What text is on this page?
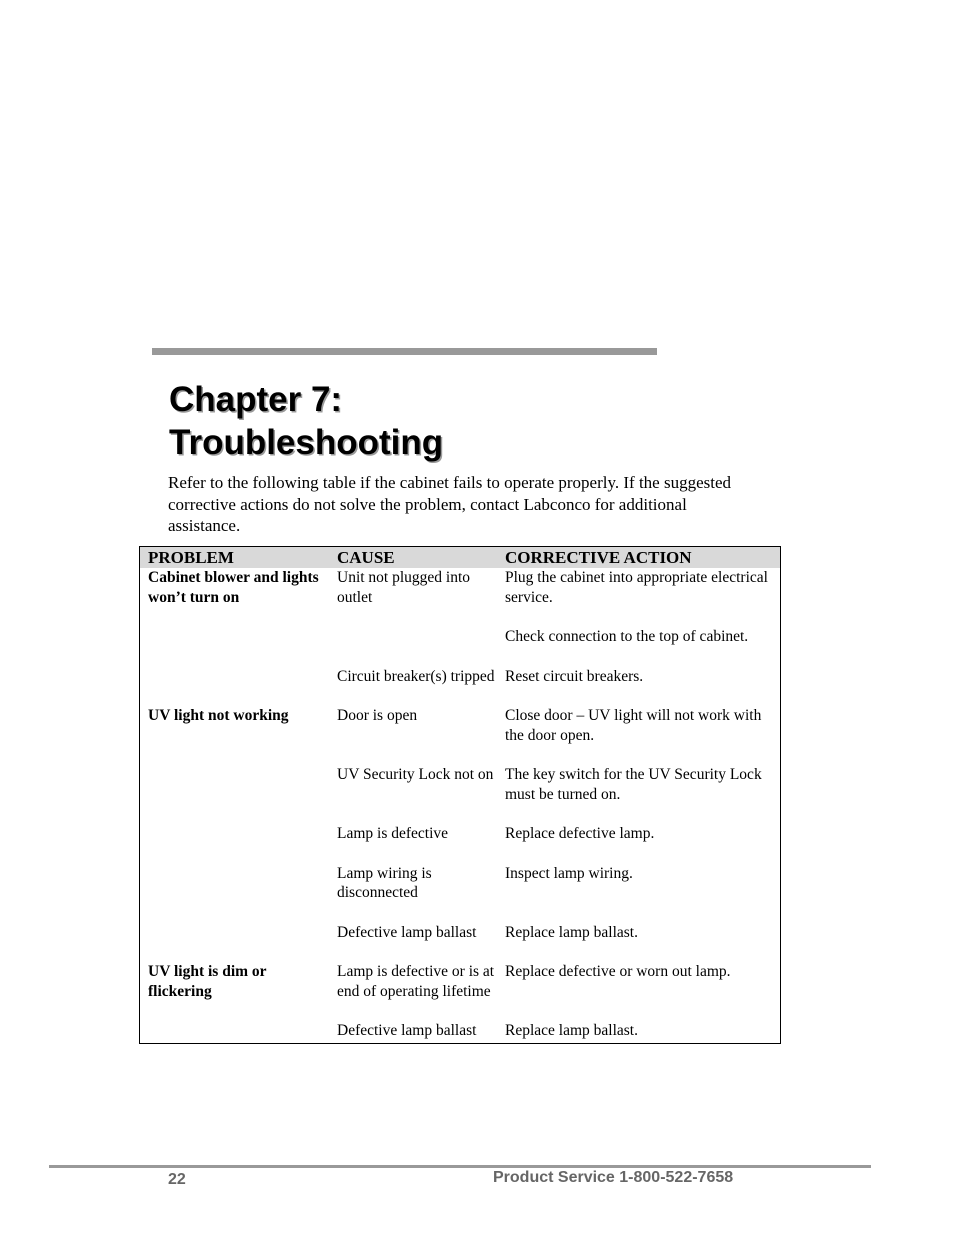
Chapter 7:
Troubleshooting

Refer to the following table if the cabinet fails to operate properly. If the suggested corrective actions do not solve the problem, contact Labconco for additional assistance.

PROBLEM	CAUSE	CORRECTIVE ACTION
Cabinet blower and lights won’t turn on	Unit not plugged into outlet	Plug the cabinet into appropriate electrical service.

		Check connection to the top of cabinet.

	Circuit breaker(s) tripped	Reset circuit breakers.

UV light not working	Door is open	Close door – UV light will not work with the door open.

	UV Security Lock not on	The key switch for the UV Security Lock must be turned on.

	Lamp is defective	Replace defective lamp.

	Lamp wiring is disconnected	Inspect lamp wiring.

	Defective lamp ballast	Replace lamp ballast.

UV light is dim or flickering	Lamp is defective or is at end of operating lifetime	Replace defective or worn out lamp.

	Defective lamp ballast	Replace lamp ballast.
22	Product Service 1-800-522-7658
